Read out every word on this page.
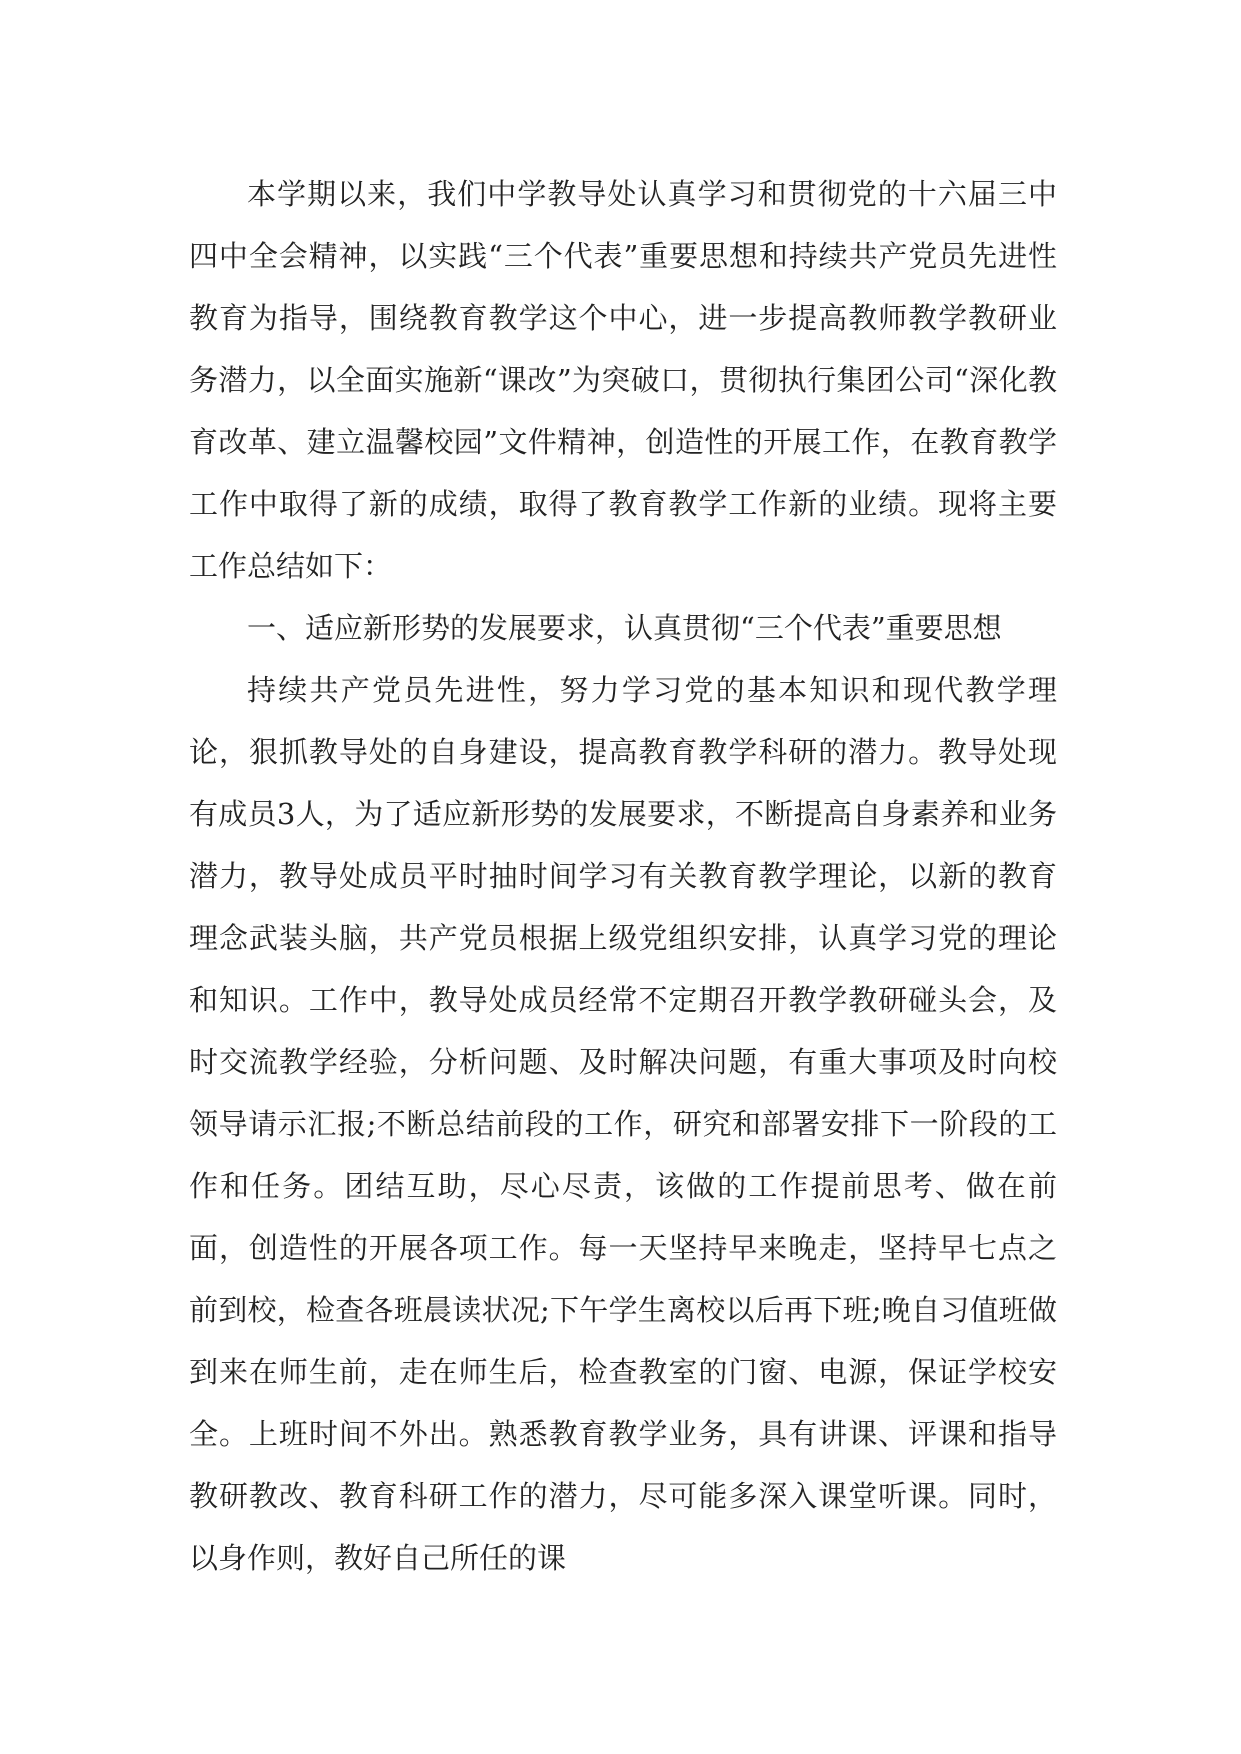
本学期以来，我们中学教导处认真学习和贯彻党的十六届三中四中全会精神，以实践“三个代表”重要思想和持续共产党员先进性教育为指导，围绕教育教学这个中心，进一步提高教师教学教研业务潜力，以全面实施新“课改”为突破口，贯彻执行集团公司“深化教育改革、建立温馨校园”文件精神，创造性的开展工作，在教育教学工作中取得了新的成绩，取得了教育教学工作新的业绩。现将主要工作总结如下：

一、适应新形势的发展要求，认真贯彻“三个代表”重要思想

持续共产党员先进性，努力学习党的基本知识和现代教学理论，狠抓教导处的自身建设，提高教育教学科研的潜力。教导处现有成员3人，为了适应新形势的发展要求，不断提高自身素养和业务潜力，教导处成员平时抽时间学习有关教育教学理论，以新的教育理念武装头脑，共产党员根据上级党组织安排，认真学习党的理论和知识。工作中，教导处成员经常不定期召开教学教研碰头会，及时交流教学经验，分析问题、及时解决问题，有重大事项及时向校领导请示汇报;不断总结前段的工作，研究和部署安排下一阶段的工作和任务。团结互助，尽心尽责，该做的工作提前思考、做在前面，创造性的开展各项工作。每一天坚持早来晚走，坚持早七点之前到校，检查各班晨读状况;下午学生离校以后再下班;晚自习值班做到来在师生前，走在师生后，检查教室的门窗、电源，保证学校安全。上班时间不外出。熟悉教育教学业务，具有讲课、评课和指导教研教改、教育科研工作的潜力，尽可能多深入课堂听课。同时，以身作则，教好自己所任的课
